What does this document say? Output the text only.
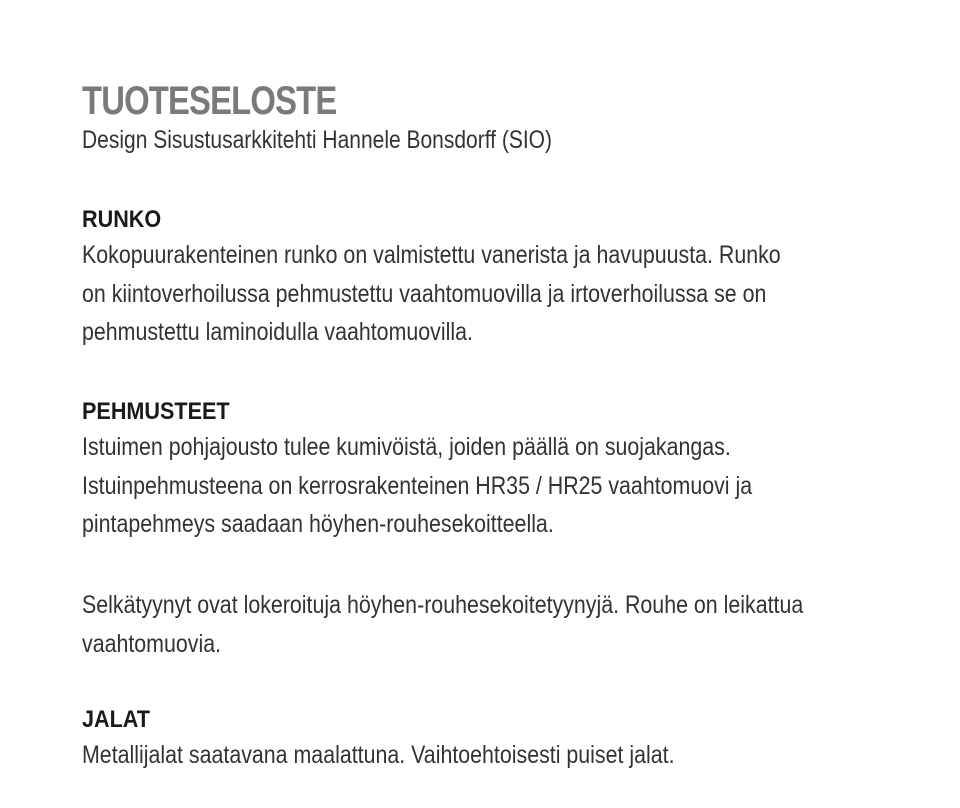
TUOTESELOSTE

Design Sisustusarkkitehti Hannele Bonsdorff (SIO)

RUNKO

Kokopuurakenteinen runko on valmistettu vanerista ja havupuusta. Runko

on kiintoverhoilussa pehmustettu vaahtomuovilla ja irtoverhoilussa se on

pehmustettu laminoidulla vaahtomuovilla.

PEHMUSTEET

Istuimen pohjajousto tulee kumivöistä, joiden päällä on suojakangas.

Istuinpehmusteena on kerrosrakenteinen HR35 / HR25 vaahtomuovi ja

pintapehmeys saadaan höyhen-rouhesekoitteella.

Selkätyynyt ovat lokeroituja höyhen-rouhesekoitetyynyjä. Rouhe on leikattua

vaahtomuovia.

JALAT

Metallijalat saatavana maalattuna. Vaihtoehtoisesti puiset jalat.
